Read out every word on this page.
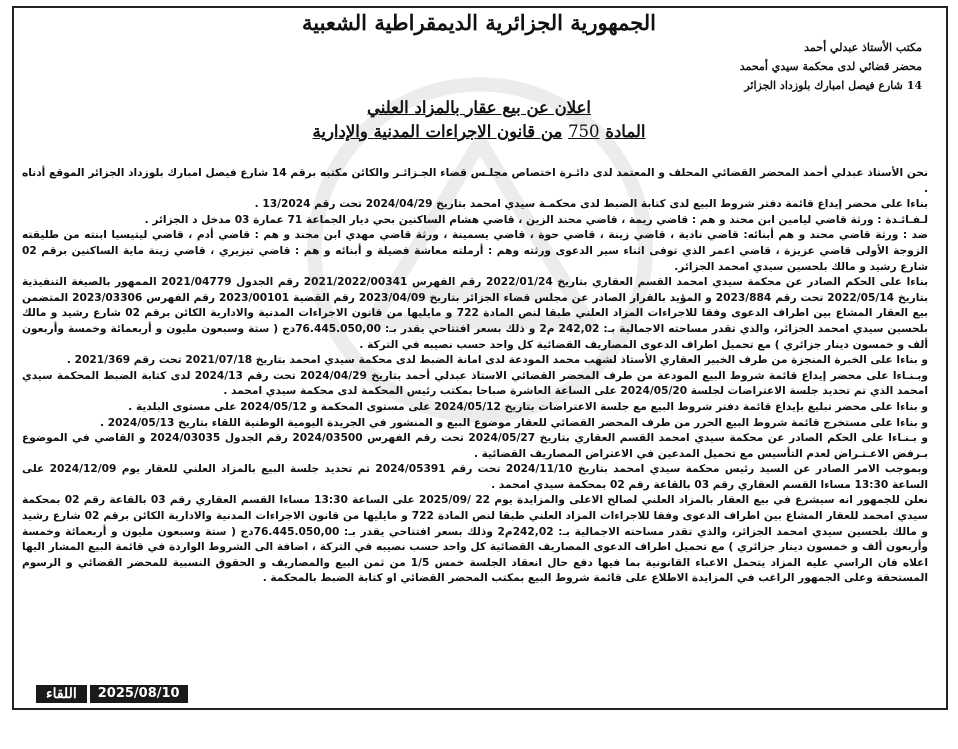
الجمهورية الجزائرية الديمقراطية الشعبية
مكتب الأستاذ عبدلي أحمد
محضر قضائي لدى محكمة سيدي أمحمد
14 شارع فيصل امبارك بلوزداد الجزائر
اعلان عن بيع عقار بالمزاد العلني
المادة 750 من قانون الاجراءات المدنية والإدارية

نحن الأستاذ عبدلي أحمد المحضر القضائي المحلف و المعتمد لدى دائـرة اختصاص مجلـس قضاء الجـزائـر والكائن مكتبه برقم 14 شارع فيصل امبارك بلوزداد الجزائر الموقع أدناه .

بناءا على محضر إيداع قائمة دفتر شروط البيع لدى كتابة الضبط لدى محكمـة سيدي امحمد بتاريخ 2024/04/29 تحت رقم 13/2024 .

لـفـائـدة : ورثة قاضي ليامين ابن محند و هم : قاضي ريمة ، قاضي محند الزين ، قاضي هشام الساكنين بحي ديار الجماعة 71 عمارة 03 مدخل د الجزائر .

ضد : ورثة قاضي محند و هم أبنائه: قاضي نادية ، قاضي زينة ، قاضي حوة ، قاضي يسمينة ، ورثة قاضي مهدي ابن محند و هم : قاضي أدم ، قاضي ليتيسيا ابنته من طليقته الزوجة الأولى قاضي عزيزة ، قاضي اعمر الذي توفى اثناء سير الدعوى ورثته وهم : أرملته معاشة فضيلة و أبنائه و هم : قاضي تيزيري ، قاضي زينة ماية الساكنين برقم 02 شارع رشيد و مالك بلحسين سيدي امحمد الجزائر.

بناءا على الحكم الصادر عن محكمة سيدي امحمد القسم العقاري بتاريخ 2022/01/24 رقم الفهرس 2021/2022/00341 رقم الجدول 2021/04779 الممهور بالصيغة التنفيذية بتاريخ 2022/05/14 تحت رقم 2023/884 و المؤيد بالقرار الصادر عن مجلس قضاء الجزائر بتاريخ 2023/04/09 رقم القضية 2023/00101 رقم الفهرس 2023/03306 المتضمن بيع العقار المشاع بين اطراف الدعوى وفقا للاجراءات المزاد العلني طبقا لنص المادة 722 و مايليها من قانون الاجراءات المدنية والادارية الكائن برقم 02 شارع رشيد و مالك بلحسين سيدي امحمد الجزائر، والذي تقدر مساحته الاجمالية بـ: 242,02 م2 و ذلك بسعر افتتاحي يقدر بـ: 76.445.050,00دج ( ستة وسبعون مليون و أربعمائة وخمسة وأربعون ألف و خمسون دينار جزائري ) مع تحميل اطراف الدعوى المصاريف القضائية كل واحد حسب نصيبه في التركة .

و بناءا على الخبرة المنجزة من طرف الخبير العقاري الأستاذ لشهب محمد المودعة لدى امانة الضبط لدى محكمة سيدي امحمد بتاريخ 2021/07/18 تحت رقم 2021/369 .

وبـنـاءا على محضر إيداع قائمة شروط البيع المودعة من طرف المحضر القضائي الاستاذ عبدلي أحمد بتاريخ 2024/04/29 تحت رقم 2024/13 لدى كتابة الضبط المحكمة سيدي امحمد الذي تم تحديد جلسة الاعتراضات لجلسة 2024/05/20 على الساعة العاشرة صباحا بمكتب رئيس المحكمة لدى محكمة سيدي امحمد .

و بناءا على محضر تبليغ بإيداع قائمة دفتر شروط البيع مع جلسة الاعتراضات بتاريخ 2024/05/12 على مستوى المحكمة و 2024/05/12 على مستوى البلدية .

و بناءا على مستخرج قائمة شروط البيع الحرر من طرف المحضر القضائي للعقار موضوع البيع و المنشور في الجريدة اليومية الوطنية اللقاء بتاريخ 2024/05/13 .

و بـنـاءا على الحكم الصادر عن محكمة سيدي امحمد القسم العقاري بتاريخ 2024/05/27 تحت رقم الفهرس 2024/03500 رقم الجدول 2024/03035 و القاضي في الموضوع بـرفض الاعـتـراض لعدم التأسيس مع تحميل المدعين في الاعتراض المصاريف القضائية .

وبموجب الامر الصادر عن السيد رئيس محكمة سيدي امحمد بتاريخ 2024/11/10 تحت رقم 2024/05391 تم تحديد جلسة البيع بالمزاد العلني للعقار يوم 2024/12/09 على الساعة 13:30 مساءا القسم العقاري رقم 03 بالقاعة رقم 02 بمحكمة سيدي امحمد .

نعلن للجمهور انه سيشرع في بيع العقار بالمزاد العلني لصالح الاعلى والمزايدة يوم 22 /2025/09 على الساعة 13:30 مساءا القسم العقاري رقم 03 بالقاعة رقم 02 بمحكمة سيدي امحمد للعقار المشاع بين اطراف الدعوى وفقا للاجراءات المزاد العلني طبقا لنص المادة 722 و مايليها من قانون الاجراءات المدنية والادارية الكائن برقم 02 شارع رشيد و مالك بلحسين سيدي امحمد الجزائر، والذي تقدر مساحته الاجمالية بـ: 242,02م2 وذلك بسعر افتتاحي يقدر بـ: 76.445.050,00دج ( ستة وسبعون مليون و أربعمائة وخمسة وأربعون ألف و خمسون دينار جزائري ) مع تحميل اطراف الدعوى المصاريف القضائية كل واحد حسب نصيبه في التركة ، اضافة الى الشروط الواردة في قائمة البيع المشار اليها اعلاه فان الراسي عليه المزاد يتحمل الاعباء القانونية بما فيها دفع حال انعقاد الجلسة خمس 1/5 من ثمن البيع والمصاريف و الحقوق النسبية للمحضر القضائي و الرسوم المستحقة وعلى الجمهور الراغب في المزايدة الاطلاع على قائمة شروط البيع بمكتب المحضر القضائي او كتابة الضبط بالمحكمة .

اللقاء	2025/08/10
